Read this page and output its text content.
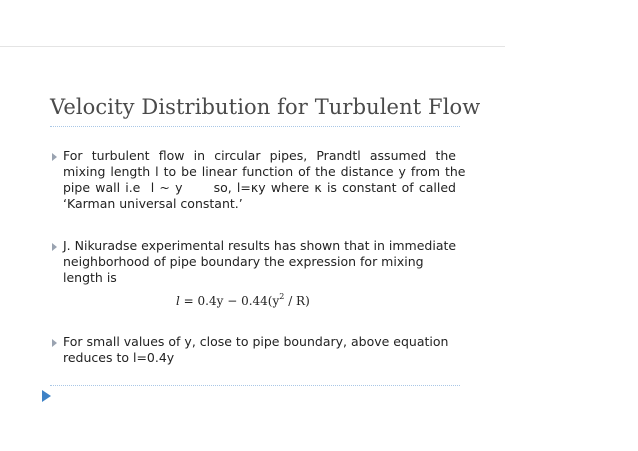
Velocity Distribution for Turbulent Flow
For turbulent flow in circular pipes, Prandtl assumed the
mixing length l to be linear function of the distance y from the
pipe wall i.e  l ~ y      so, l=κy where κ is constant of called
‘Karman universal constant.’
J. Nikuradse experimental results has shown that in immediate
neighborhood of pipe boundary the expression for mixing
length is
$l = 0.4y - 0.44(y^2 / R)$
For small values of y, close to pipe boundary, above equation
reduces to l=0.4y
